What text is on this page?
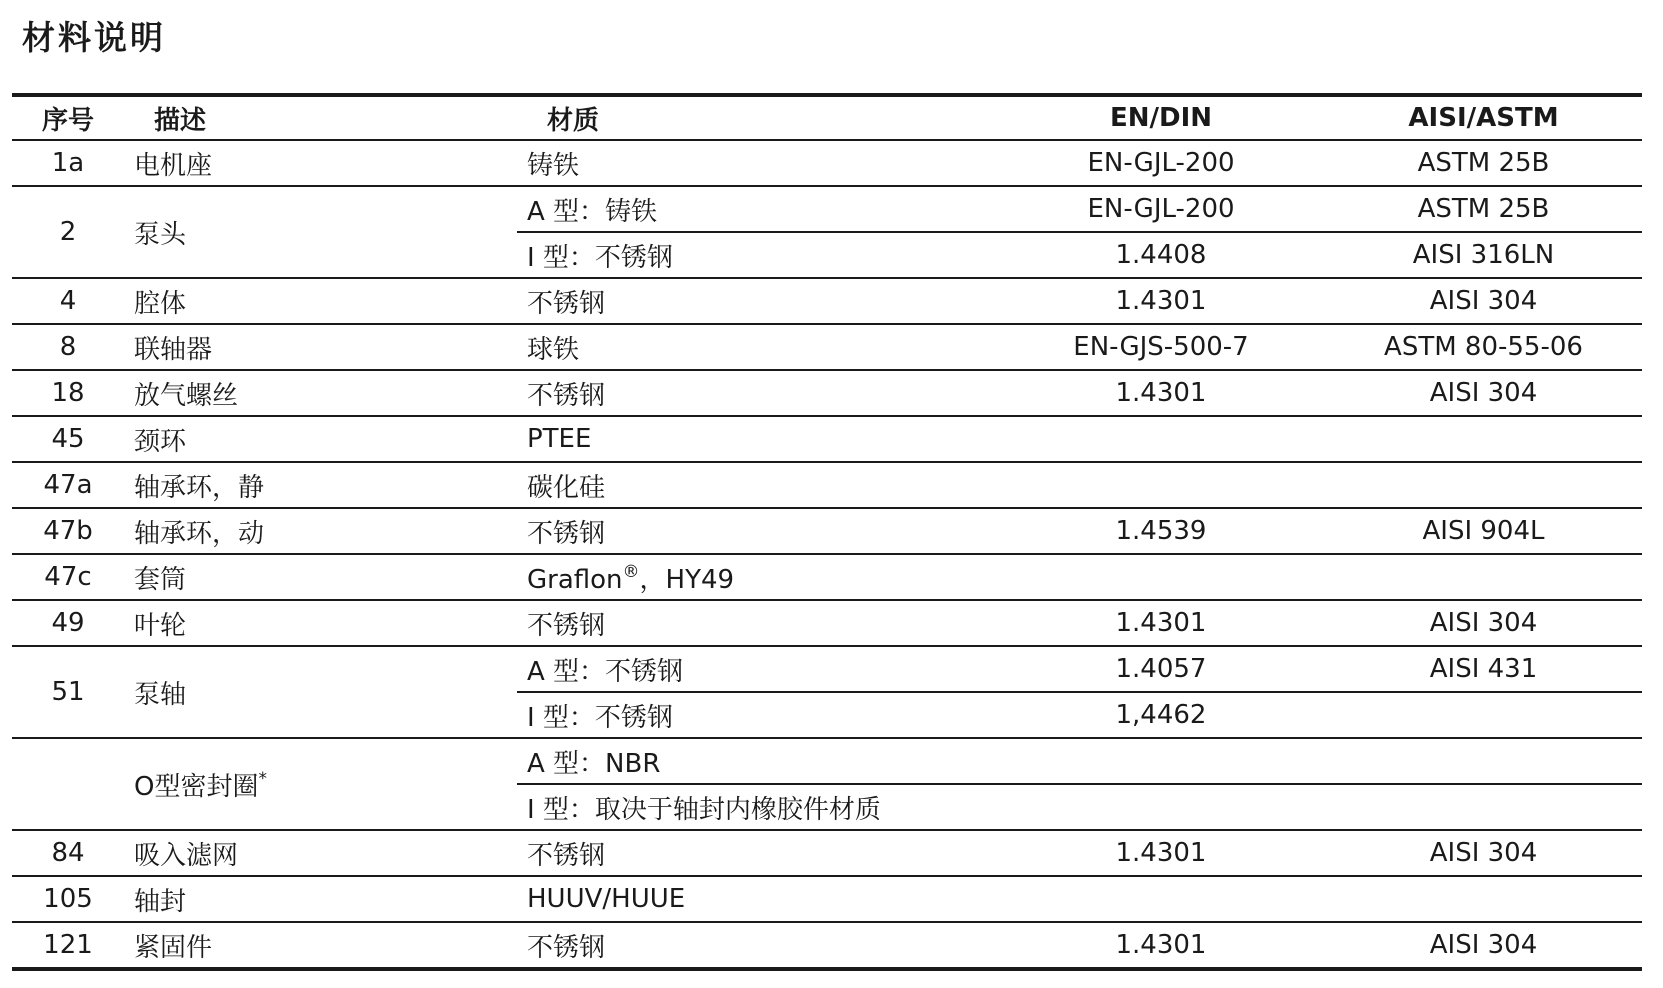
材料说明
序号	描述	材质	EN/DIN	AISI/ASTM
1a	电机座	铸铁	EN-GJL-200	ASTM 25B
2	泵头	A 型：铸铁	EN-GJL-200	ASTM 25B
		I 型：不锈钢	1.4408	AISI 316LN
4	腔体	不锈钢	1.4301	AISI 304
8	联轴器	球铁	EN-GJS-500-7	ASTM 80-55-06
18	放气螺丝	不锈钢	1.4301	AISI 304
45	颈环	PTEE		
47a	轴承环，静	碳化硅		
47b	轴承环，动	不锈钢	1.4539	AISI 904L
47c	套筒	Graflon®，HY49		
49	叶轮	不锈钢	1.4301	AISI 304
51	泵轴	A 型：不锈钢	1.4057	AISI 431
		I 型：不锈钢	1,4462	
	O型密封圈*	A 型：NBR		
		I 型：取决于轴封内橡胶件材质		
84	吸入滤网	不锈钢	1.4301	AISI 304
105	轴封	HUUV/HUUE		
121	紧固件	不锈钢	1.4301	AISI 304
